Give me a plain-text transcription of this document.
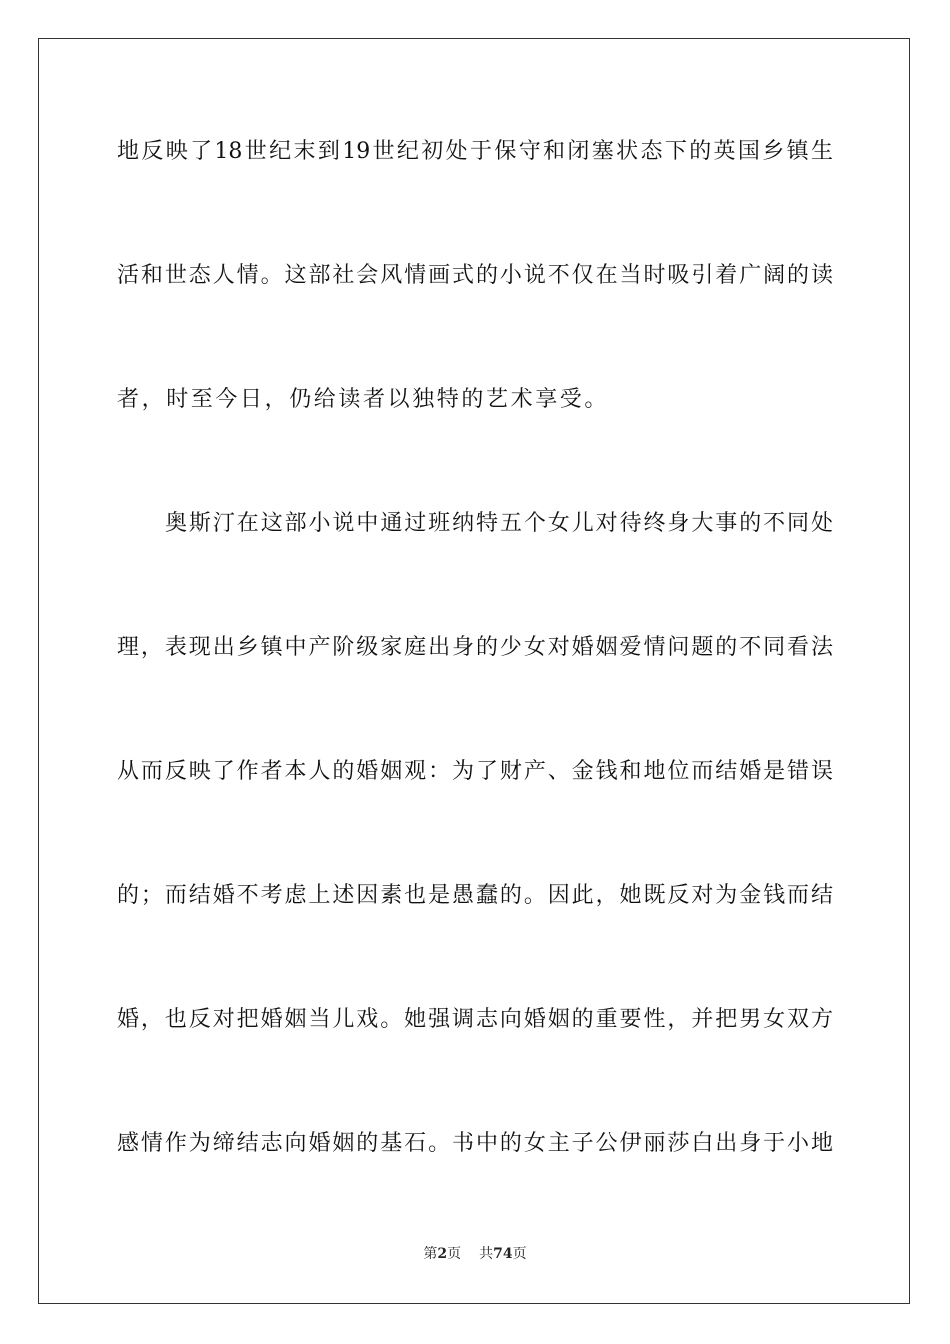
地反映了18世纪末到19世纪初处于保守和闭塞状态下的英国乡镇生
活和世态人情。这部社会风情画式的小说不仅在当时吸引着广阔的读
者，时至今日，仍给读者以独特的艺术享受。
奥斯汀在这部小说中通过班纳特五个女儿对待终身大事的不同处
理，表现出乡镇中产阶级家庭出身的少女对婚姻爱情问题的不同看法
从而反映了作者本人的婚姻观：为了财产、金钱和地位而结婚是错误
的；而结婚不考虑上述因素也是愚蠢的。因此，她既反对为金钱而结
婚，也反对把婚姻当儿戏。她强调志向婚姻的重要性，并把男女双方
感情作为缔结志向婚姻的基石。书中的女主子公伊丽莎白出身于小地
第2页 共74页
